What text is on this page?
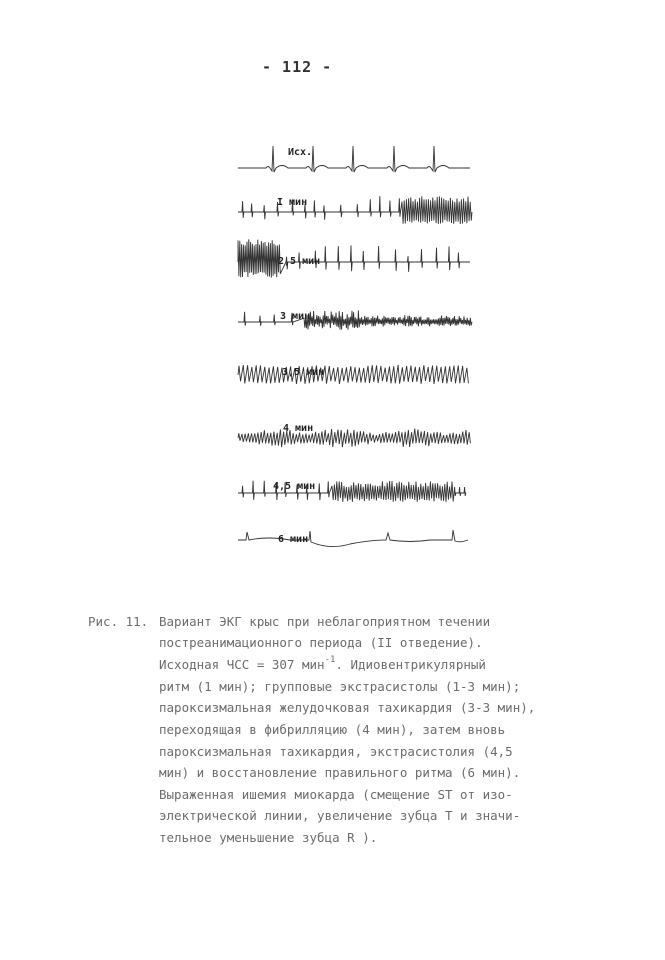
- 112 -
Исх.
I мин
2,5 мин
3 мин
3,5 мин
4 мин
4,5 мин
6 мин
Рис. 11. Вариант ЭКГ крыс при неблагоприятном течении
постреанимационного периода (II отведение).
Исходная ЧСС = 307 мин$^{-1}$. Идиовентрикулярный
ритм (1 мин); групповые экстрасистолы (1-3 мин);
пароксизмальная желудочковая тахикардия (3-3 мин),
переходящая в фибрилляцию (4 мин), затем вновь
пароксизмальная тахикардия, экстрасистолия (4,5
мин) и восстановление правильного ритма (6 мин).
Выраженная ишемия миокарда (смещение ST от изо-
электрической линии, увеличение зубца Т и значи-
тельное уменьшение зубца R ).
